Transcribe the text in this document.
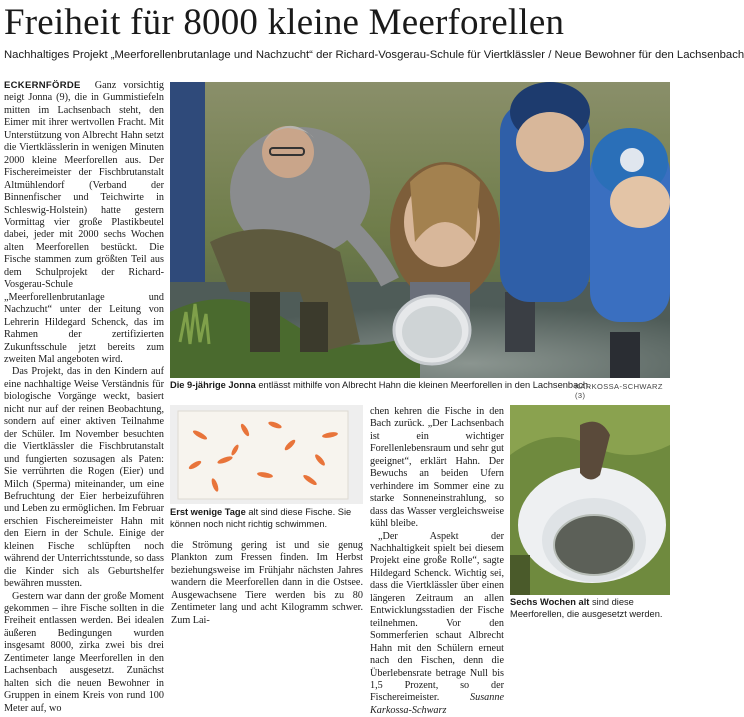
Freiheit für 8000 kleine Meerforellen
Nachhaltiges Projekt „Meerforellenbrutanlage und Nachzucht“ der Richard-Vosgerau-Schule für Viertklässler / Neue Bewohner für den Lachsenbach

ECKERNFÖRDE Ganz vorsichtig neigt Jonna (9), die in Gummistiefeln mitten im Lachsenbach steht, den Eimer mit ihrer wertvollen Fracht. Mit Unterstützung von Albrecht Hahn setzt die Viertklässlerin in wenigen Minuten 2000 kleine Meerforellen aus. Der Fischereimeister der Fischbrutanstalt Altmühlendorf (Verband der Binnenfischer und Teichwirte in Schleswig-Holstein) hatte gestern Vormittag vier große Plastikbeutel dabei, jeder mit 2000 sechs Wochen alten Meerforellen bestückt. Die Fische stammen zum größten Teil aus dem Schulprojekt der Richard-Vosgerau-Schule „Meerforellenbrutanlage und Nachzucht“ unter der Leitung von Lehrerin Hildegard Schenck, das im Rahmen der zertifizierten Zukunftsschule jetzt bereits zum zweiten Mal angeboten wird.

Das Projekt, das in den Kindern auf eine nachhaltige Weise Verständnis für biologische Vorgänge weckt, basiert nicht nur auf der reinen Beobachtung, sondern auf einer aktiven Teilnahme der Schüler. Im November besuchten die Viertklässler die Fischbrutanstalt und fungierten sozusagen als Paten: Sie verrührten die Rogen (Eier) und Milch (Sperma) miteinander, um eine Befruchtung der Eier herbeizuführen und Leben zu ermöglichen. Im Februar erschien Fischereimeister Hahn mit den Eiern in der Schule. Einige der kleinen Fische schlüpften noch während der Unterrichtsstunde, so dass die Kinder sich als Geburtshelfer bewähren mussten.

Gestern war dann der große Moment gekommen – ihre Fische sollten in die Freiheit entlassen werden. Bei idealen äußeren Bedingungen wurden insgesamt 8000, zirka zwei bis drei Zentimeter lange Meerforellen in den Lachsenbach ausgesetzt. Zunächst halten sich die neuen Bewohner in Gruppen in einem Kreis von rund 100 Meter auf, wo

Die 9-jährige Jonna entlässt mithilfe von Albrecht Hahn die kleinen Meerforellen in den Lachsenbach.
KARKOSSA-SCHWARZ (3)
Erst wenige Tage alt sind diese Fische. Sie können noch nicht richtig schwimmen.

die Strömung gering ist und sie genug Plankton zum Fressen finden. Im Herbst beziehungsweise im Frühjahr nächsten Jahres wandern die Meerforellen dann in die Ostsee. Ausgewachsene Tiere werden bis zu 80 Zentimeter lang und acht Kilogramm schwer. Zum Lai-

chen kehren die Fische in den Bach zurück. „Der Lachsenbach ist ein wichtiger Forellenlebensraum und sehr gut geeignet“, erklärt Hahn. Der Bewuchs an beiden Ufern verhindere im Sommer eine zu starke Sonneneinstrahlung, so dass das Wasser vergleichsweise kühl bleibe.

„Der Aspekt der Nachhaltigkeit spielt bei diesem Projekt eine große Rolle“, sagte Hildegard Schenck. Wichtig sei, dass die Viertklässler über einen längeren Zeitraum an allen Entwicklungsstadien der Fische teilnehmen. Vor den Sommerferien schaut Albrecht Hahn mit den Schülern erneut nach den Fischen, denn die Überlebensrate betrage Null bis 1,5 Prozent, so der Fischereimeister.	Susanne Karkossa-Schwarz

Sechs Wochen alt sind diese Meerforellen, die ausgesetzt werden.
